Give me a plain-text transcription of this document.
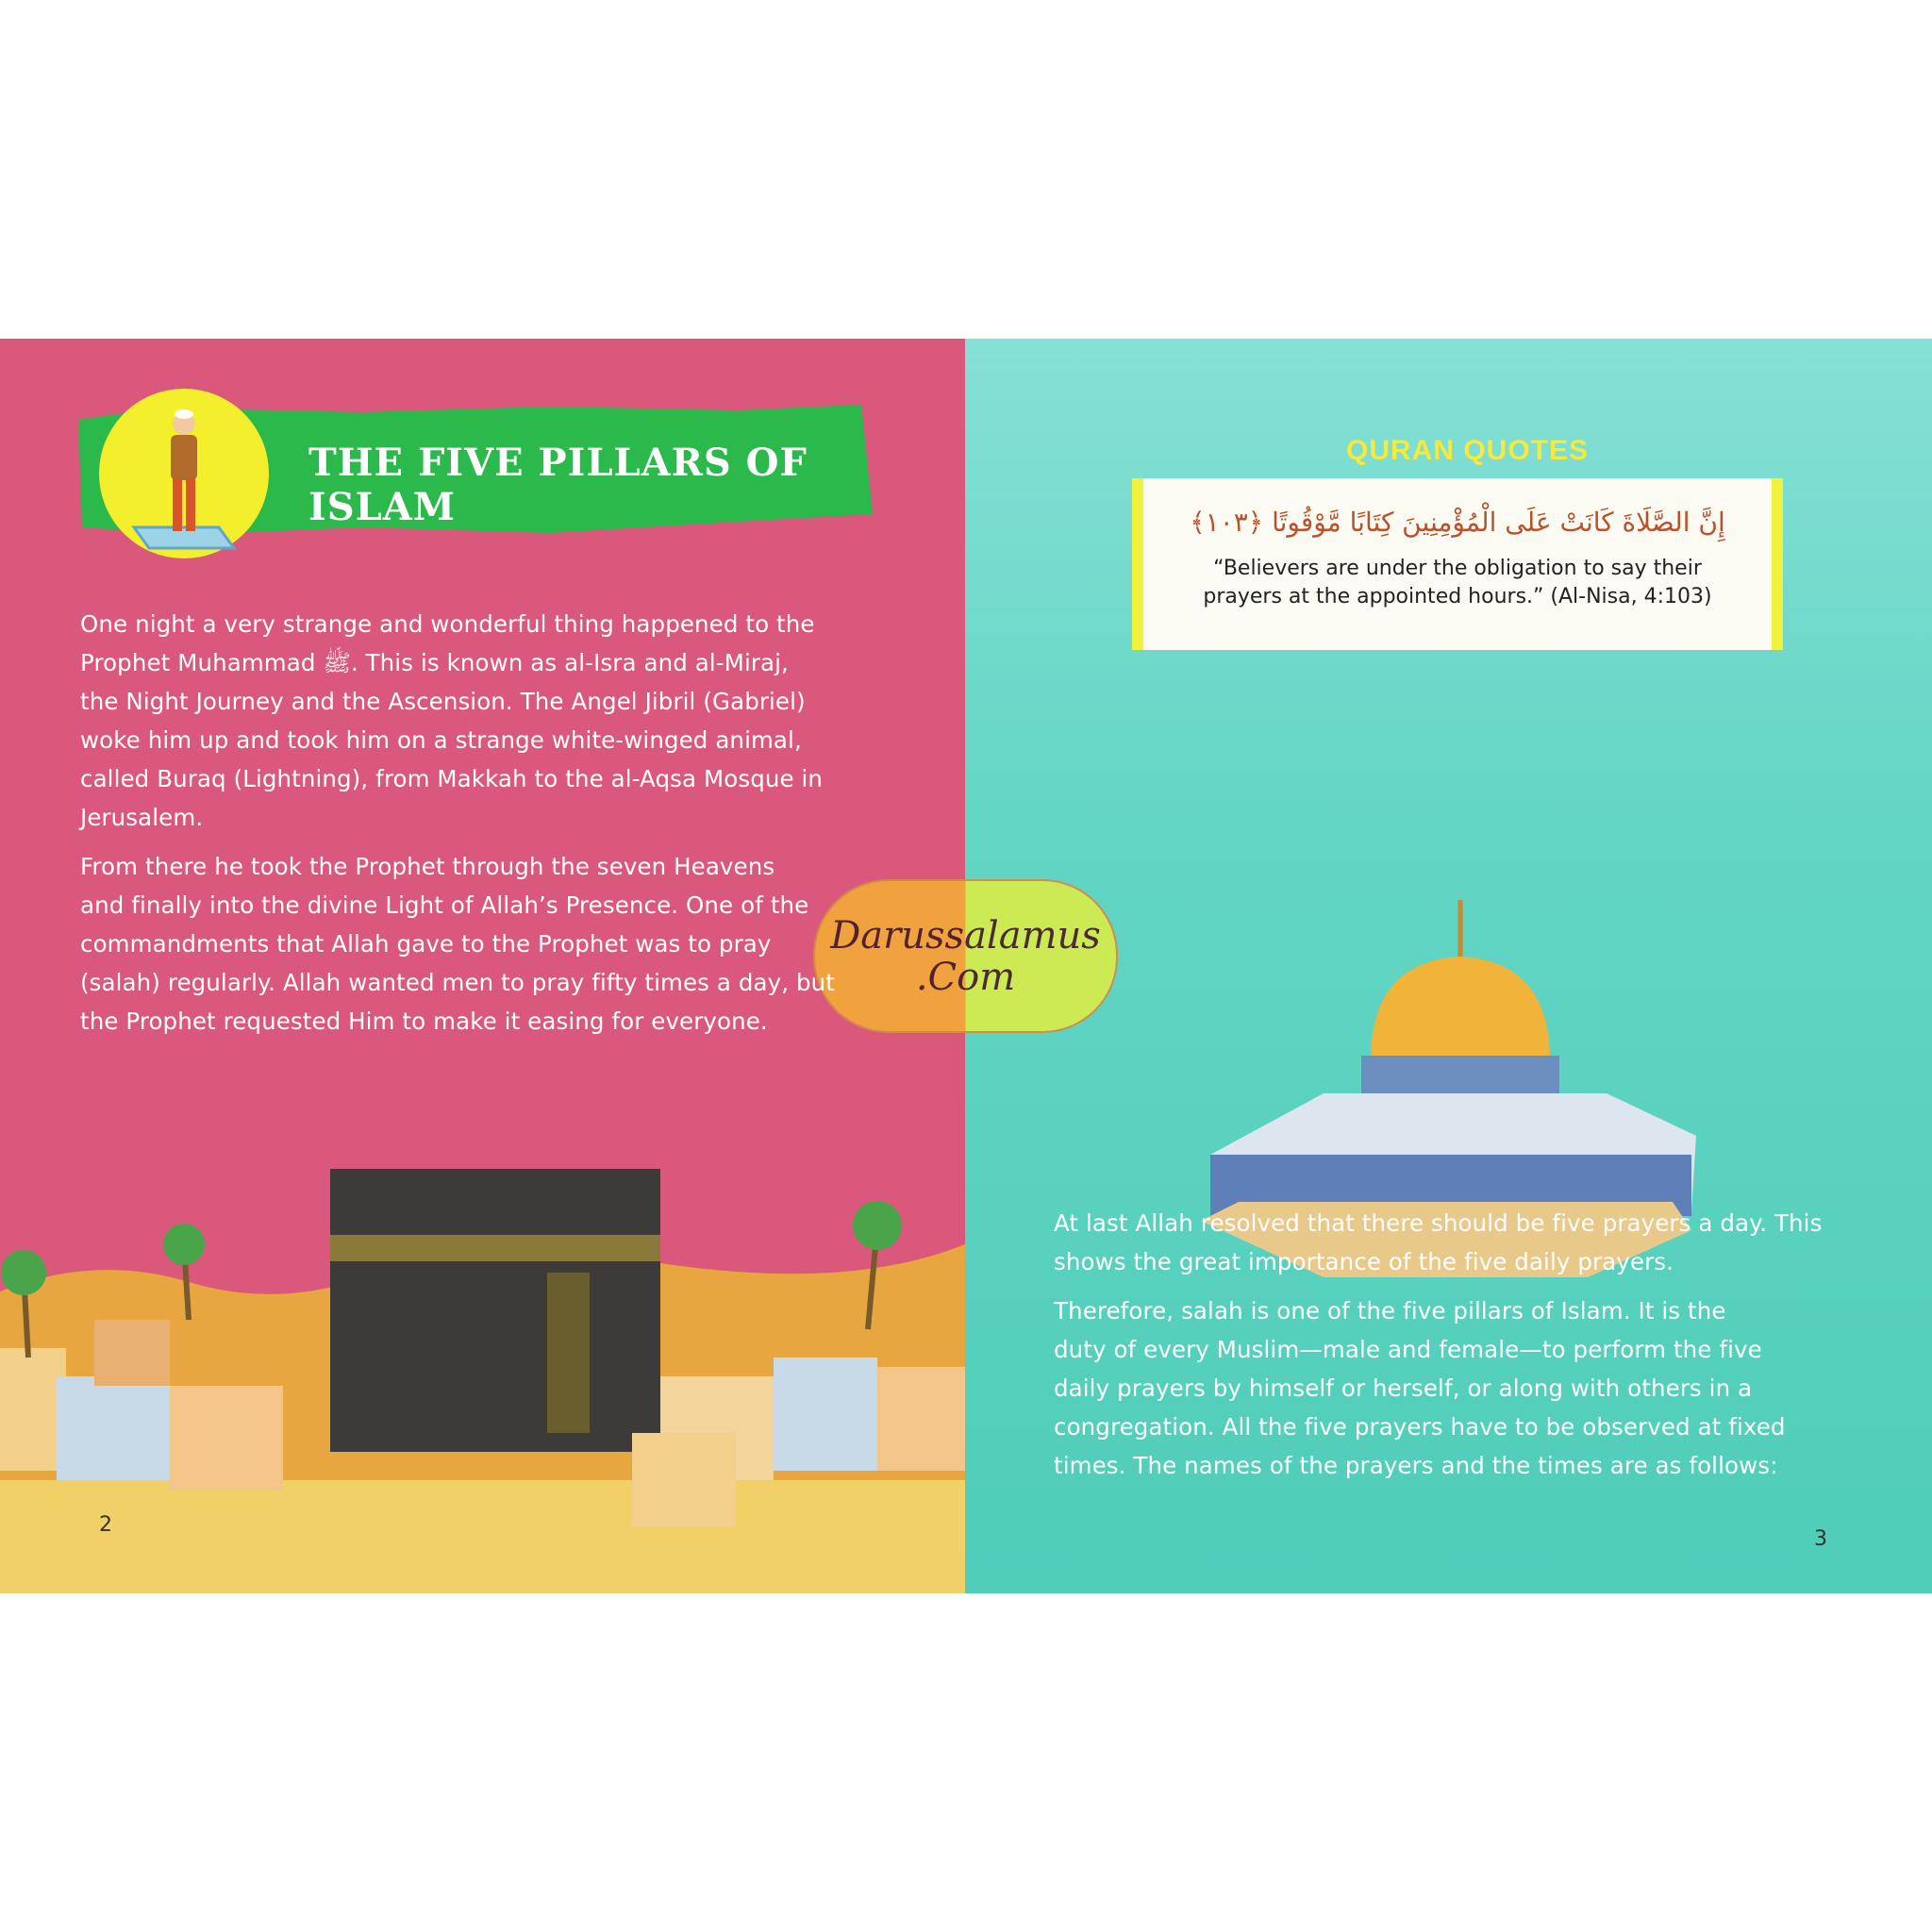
THE FIVE PILLARS OF ISLAM

One night a very strange and wonderful thing happened to the
Prophet Muhammad ﷺ. This is known as al-Isra and al-Miraj,
the Night Journey and the Ascension. The Angel Jibril (Gabriel)
woke him up and took him on a strange white-winged animal,
called Buraq (Lightning), from Makkah to the al-Aqsa Mosque in
Jerusalem.

From there he took the Prophet through the seven Heavens
and finally into the divine Light of Allah’s Presence. One of the
commandments that Allah gave to the Prophet was to pray
(salah) regularly. Allah wanted men to pray fifty times a day, but
the Prophet requested Him to make it easing for everyone.

2
QURAN QUOTES
إِنَّ الصَّلَاةَ كَانَتْ عَلَى الْمُؤْمِنِينَ كِتَابًا مَّوْقُوتًا ﴿١٠٣﴾
“Believers are under the obligation to say their
prayers at the appointed hours.” (Al-Nisa, 4:103)

At last Allah resolved that there should be five prayers a day. This
shows the great importance of the five daily prayers.

Therefore, salah is one of the five pillars of Islam. It is the
duty of every Muslim—male and female—to perform the five
daily prayers by himself or herself, or along with others in a
congregation. All the five prayers have to be observed at fixed
times. The names of the prayers and the times are as follows:

3
Darussalamus
.Com
